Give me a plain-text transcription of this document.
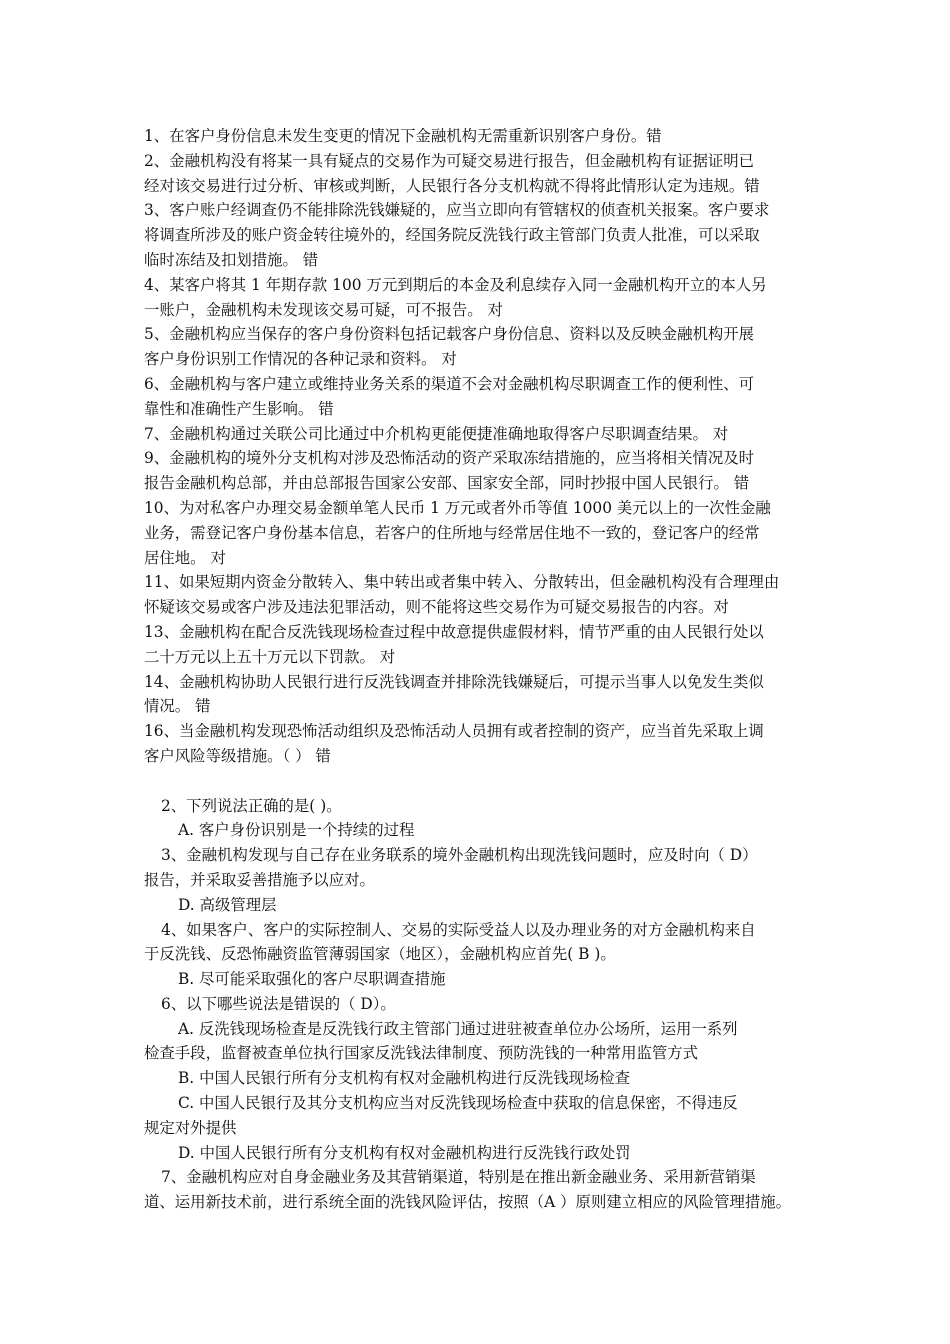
1、在客户身份信息未发生变更的情况下金融机构无需重新识别客户身份。错
2、金融机构没有将某一具有疑点的交易作为可疑交易进行报告，但金融机构有证据证明已
经对该交易进行过分析、审核或判断，人民银行各分支机构就不得将此情形认定为违规。错
3、客户账户经调查仍不能排除洗钱嫌疑的，应当立即向有管辖权的侦查机关报案。客户要求
将调查所涉及的账户资金转往境外的，经国务院反洗钱行政主管部门负责人批准，可以采取
临时冻结及扣划措施。 错
4、某客户将其 1 年期存款 100 万元到期后的本金及利息续存入同一金融机构开立的本人另
一账户，金融机构未发现该交易可疑，可不报告。 对
5、金融机构应当保存的客户身份资料包括记载客户身份信息、资料以及反映金融机构开展
客户身份识别工作情况的各种记录和资料。 对
6、金融机构与客户建立或维持业务关系的渠道不会对金融机构尽职调查工作的便利性、可
靠性和准确性产生影响。 错
7、金融机构通过关联公司比通过中介机构更能便捷准确地取得客户尽职调查结果。 对
9、金融机构的境外分支机构对涉及恐怖活动的资产采取冻结措施的，应当将相关情况及时
报告金融机构总部，并由总部报告国家公安部、国家安全部，同时抄报中国人民银行。 错
10、为对私客户办理交易金额单笔人民币 1 万元或者外币等值 1000 美元以上的一次性金融
业务，需登记客户身份基本信息，若客户的住所地与经常居住地不一致的，登记客户的经常
居住地。 对
11、如果短期内资金分散转入、集中转出或者集中转入、分散转出，但金融机构没有合理理由
怀疑该交易或客户涉及违法犯罪活动，则不能将这些交易作为可疑交易报告的内容。对
13、金融机构在配合反洗钱现场检查过程中故意提供虚假材料，情节严重的由人民银行处以
二十万元以上五十万元以下罚款。 对
14、金融机构协助人民银行进行反洗钱调查并排除洗钱嫌疑后，可提示当事人以免发生类似
情况。 错
16、当金融机构发现恐怖活动组织及恐怖活动人员拥有或者控制的资产，应当首先采取上调
客户风险等级措施。（ ） 错
2、下列说法正确的是( )。
A. 客户身份识别是一个持续的过程
3、金融机构发现与自己存在业务联系的境外金融机构出现洗钱问题时，应及时向（ D）
报告，并采取妥善措施予以应对。
D. 高级管理层
4、如果客户、客户的实际控制人、交易的实际受益人以及办理业务的对方金融机构来自
于反洗钱、反恐怖融资监管薄弱国家（地区），金融机构应首先( B )。
B. 尽可能采取强化的客户尽职调查措施
6、以下哪些说法是错误的（ D）。
A. 反洗钱现场检查是反洗钱行政主管部门通过进驻被查单位办公场所，运用一系列
检查手段，监督被查单位执行国家反洗钱法律制度、预防洗钱的一种常用监管方式
B. 中国人民银行所有分支机构有权对金融机构进行反洗钱现场检查
C. 中国人民银行及其分支机构应当对反洗钱现场检查中获取的信息保密，不得违反
规定对外提供
D. 中国人民银行所有分支机构有权对金融机构进行反洗钱行政处罚
7、金融机构应对自身金融业务及其营销渠道，特别是在推出新金融业务、采用新营销渠
道、运用新技术前，进行系统全面的洗钱风险评估，按照（A ）原则建立相应的风险管理措施。
